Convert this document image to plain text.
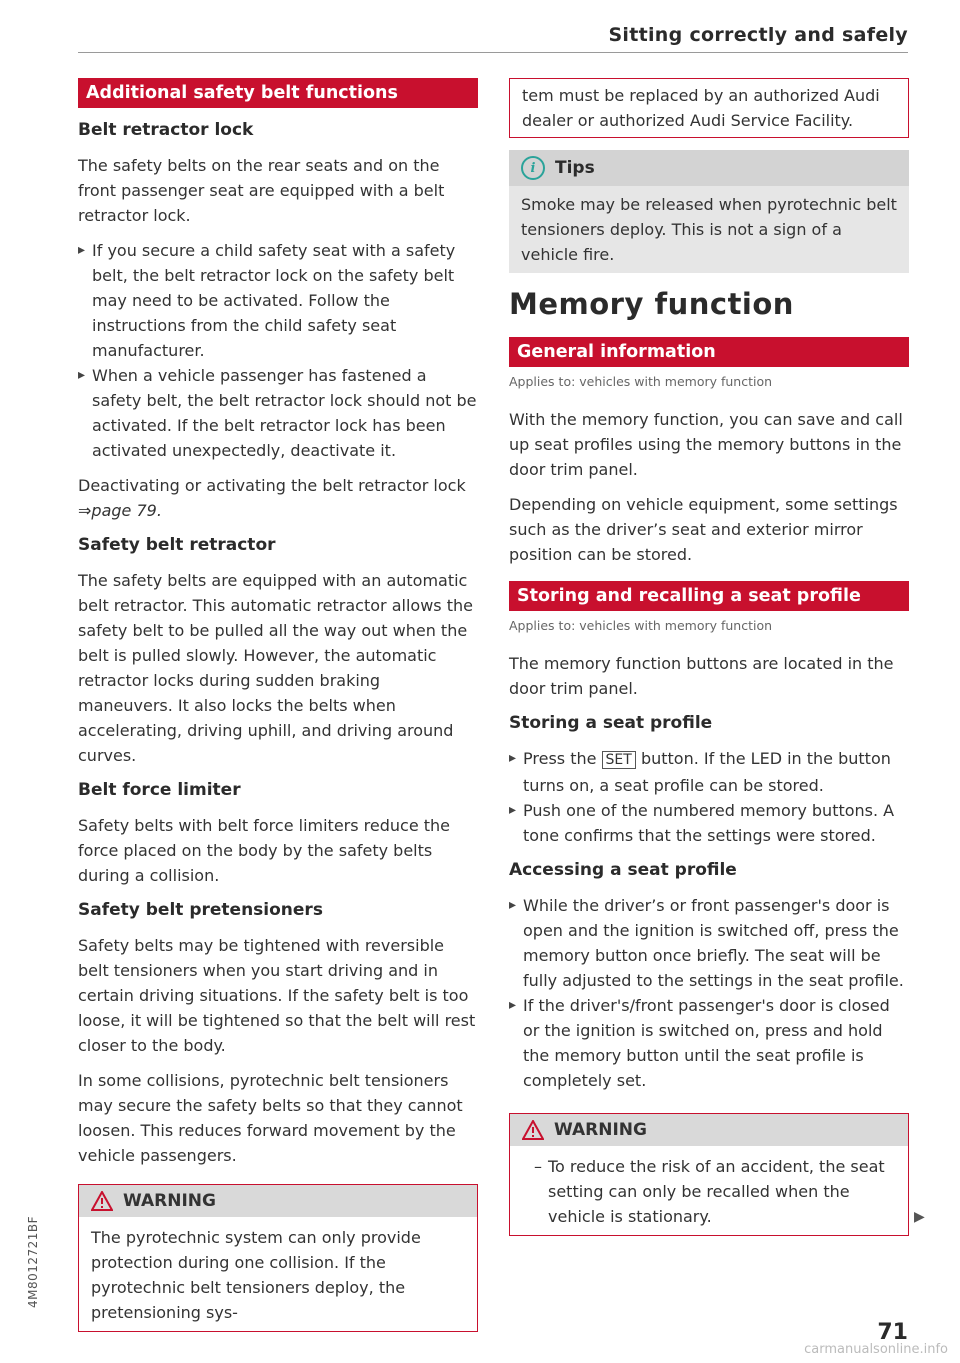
Sitting correctly and safely
Additional safety belt functions
Belt retractor lock

The safety belts on the rear seats and on the front passenger seat are equipped with a belt retractor lock.

▸ If you secure a child safety seat with a safety belt, the belt retractor lock on the safety belt may need to be activated. Follow the instructions from the child safety seat manufacturer.
▸ When a vehicle passenger has fastened a safety belt, the belt retractor lock should not be activated. If the belt retractor lock has been activated unexpectedly, deactivate it.

Deactivating or activating the belt retractor lock
⇒page 79.

Safety belt retractor

The safety belts are equipped with an automatic belt retractor. This automatic retractor allows the safety belt to be pulled all the way out when the belt is pulled slowly. However, the automatic retractor locks during sudden braking maneuvers. It also locks the belts when accelerating, driving uphill, and driving around curves.

Belt force limiter

Safety belts with belt force limiters reduce the force placed on the body by the safety belts during a collision.

Safety belt pretensioners

Safety belts may be tightened with reversible belt tensioners when you start driving and in certain driving situations. If the safety belt is too loose, it will be tightened so that the belt will rest closer to the body.

In some collisions, pyrotechnic belt tensioners may secure the safety belts so that they cannot loosen. This reduces forward movement by the vehicle passengers.

WARNING

The pyrotechnic system can only provide protection during one collision. If the pyrotechnic belt tensioners deploy, the pretensioning sys-

tem must be replaced by an authorized Audi dealer or authorized Audi Service Facility.

i	Tips

Smoke may be released when pyrotechnic belt tensioners deploy. This is not a sign of a vehicle fire.

Memory function
General information
Applies to: vehicles with memory function

With the memory function, you can save and call up seat profiles using the memory buttons in the door trim panel.

Depending on vehicle equipment, some settings such as the driver’s seat and exterior mirror position can be stored.

Storing and recalling a seat profile
Applies to: vehicles with memory function

The memory function buttons are located in the door trim panel.

Storing a seat profile
▸ Press the SET button. If the LED in the button turns on, a seat profile can be stored.
▸ Push one of the numbered memory buttons. A tone confirms that the settings were stored.
Accessing a seat profile
▸ While the driver’s or front passenger's door is open and the ignition is switched off, press the memory button once briefly. The seat will be fully adjusted to the settings in the seat profile.
▸ If the driver's/front passenger's door is closed or the ignition is switched on, press and hold the memory button until the seat profile is completely set.
WARNING

– To reduce the risk of an accident, the seat setting can only be recalled when the vehicle is stationary.	▶
4M8012721BF
71
carmanualsonline.info
